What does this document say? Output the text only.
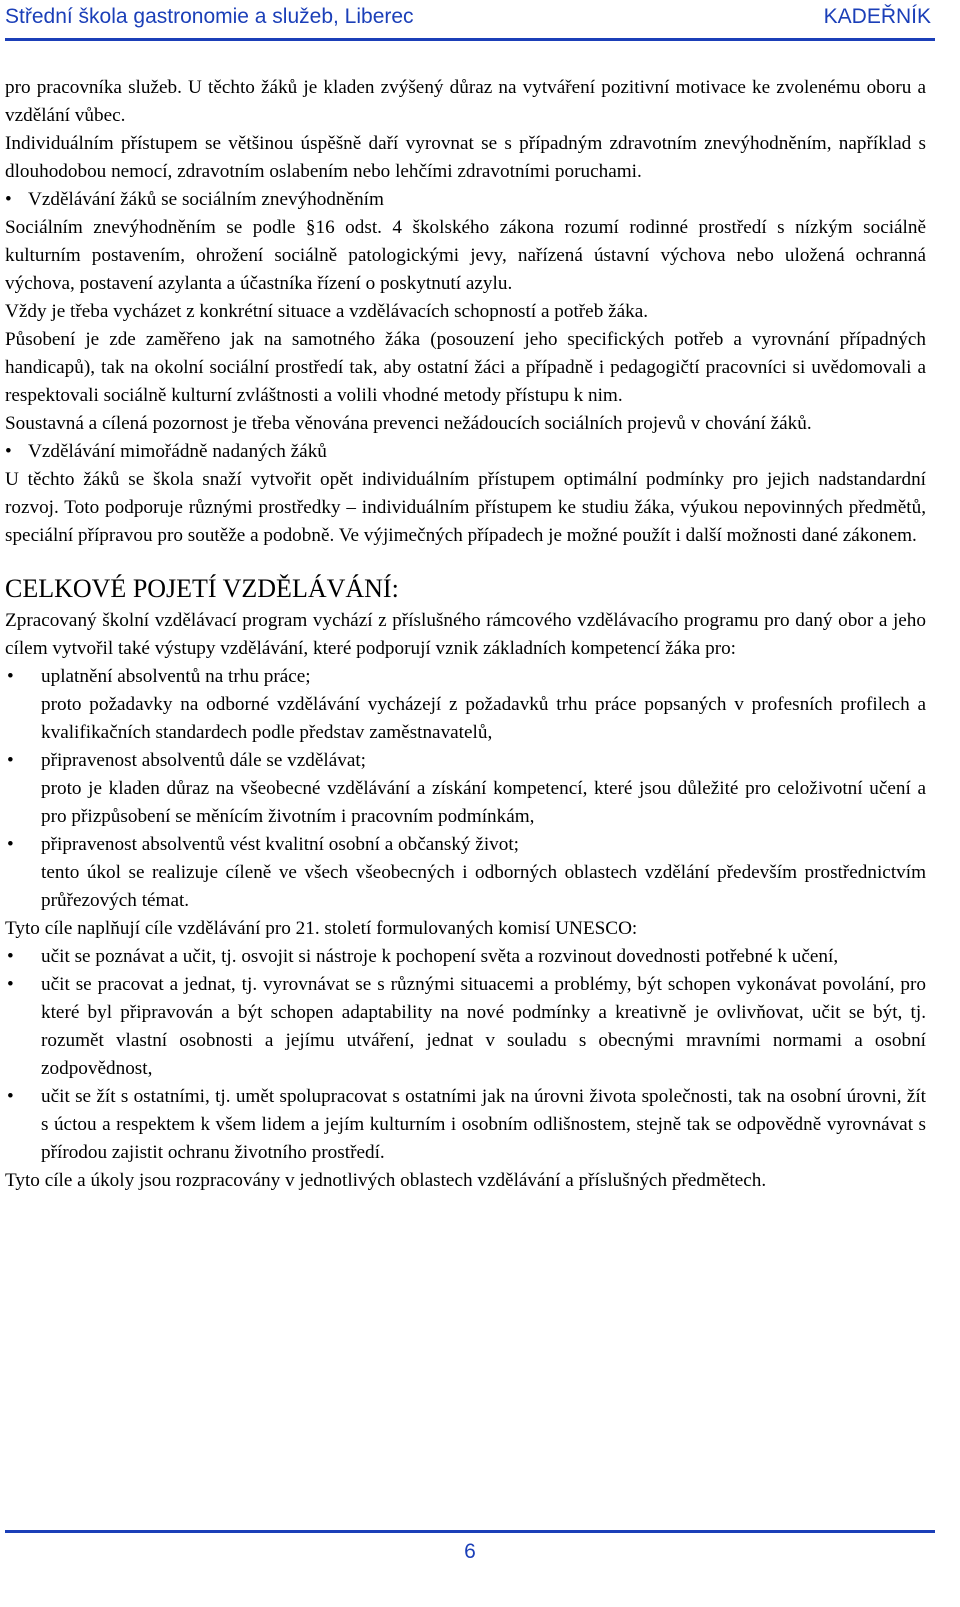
Střední škola gastronomie a služeb, Liberec	KADEŘNÍK

pro pracovníka služeb. U těchto žáků je kladen zvýšený důraz na vytváření pozitivní motivace ke zvolenému oboru a vzdělání vůbec.

Individuálním přístupem se většinou úspěšně daří vyrovnat se s případným zdravotním znevýhodněním, například s dlouhodobou nemocí, zdravotním oslabením nebo lehčími zdravotními poruchami.

• Vzdělávání žáků se sociálním znevýhodněním

Sociálním znevýhodněním se podle §16 odst. 4 školského zákona rozumí rodinné prostředí s nízkým sociálně kulturním postavením, ohrožení sociálně patologickými jevy, nařízená ústavní výchova nebo uložená ochranná výchova, postavení azylanta a účastníka řízení o poskytnutí azylu.

Vždy je třeba vycházet z konkrétní situace a vzdělávacích schopností a potřeb žáka.

Působení je zde zaměřeno jak na samotného žáka (posouzení jeho specifických potřeb a vyrovnání případných handicapů), tak na okolní sociální prostředí tak, aby ostatní žáci a případně i pedagogičtí pracovníci si uvědomovali a respektovali sociálně kulturní zvláštnosti a volili vhodné metody přístupu k nim.

Soustavná a cílená pozornost je třeba věnována prevenci nežádoucích sociálních projevů v chování žáků.

• Vzdělávání mimořádně nadaných žáků

U těchto žáků se škola snaží vytvořit opět individuálním přístupem optimální podmínky pro jejich nadstandardní rozvoj. Toto podporuje různými prostředky – individuálním přístupem ke studiu žáka, výukou nepovinných předmětů, speciální přípravou pro soutěže a podobně. Ve výjimečných případech je možné použít i další možnosti dané zákonem.

CELKOVÉ POJETÍ VZDĚLÁVÁNÍ:

Zpracovaný školní vzdělávací program vychází z příslušného rámcového vzdělávacího programu pro daný obor a jeho cílem vytvořil také výstupy vzdělávání, které podporují vznik základních kompetencí žáka pro:

• uplatnění absolventů na trhu práce;
proto požadavky na odborné vzdělávání vycházejí z požadavků trhu práce popsaných v profesních profilech a kvalifikačních standardech podle představ zaměstnavatelů,
• připravenost absolventů dále se vzdělávat;
proto je kladen důraz na všeobecné vzdělávání a získání kompetencí, které jsou důležité pro celoživotní učení a pro přizpůsobení se měnícím životním i pracovním podmínkám,
• připravenost absolventů vést kvalitní osobní a občanský život;
tento úkol se realizuje cíleně ve všech všeobecných i odborných oblastech vzdělání především prostřednictvím průřezových témat.

Tyto cíle naplňují cíle vzdělávání pro 21. století formulovaných komisí UNESCO:

• učit se poznávat a učit, tj. osvojit si nástroje k pochopení světa a rozvinout dovednosti potřebné k učení,
• učit se pracovat a jednat, tj. vyrovnávat se s různými situacemi a problémy, být schopen vykonávat povolání, pro které byl připravován a být schopen adaptability na nové podmínky a kreativně je ovlivňovat, učit se být, tj. rozumět vlastní osobnosti a jejímu utváření, jednat v souladu s obecnými mravními normami a osobní zodpovědnost,
• učit se žít s ostatními, tj. umět spolupracovat s ostatními jak na úrovni života společnosti, tak na osobní úrovni, žít s úctou a respektem k všem lidem a jejím kulturním i osobním odlišnostem, stejně tak se odpovědně vyrovnávat s přírodou zajistit ochranu životního prostředí.

Tyto cíle a úkoly jsou rozpracovány v jednotlivých oblastech vzdělávání a příslušných předmětech.

6
